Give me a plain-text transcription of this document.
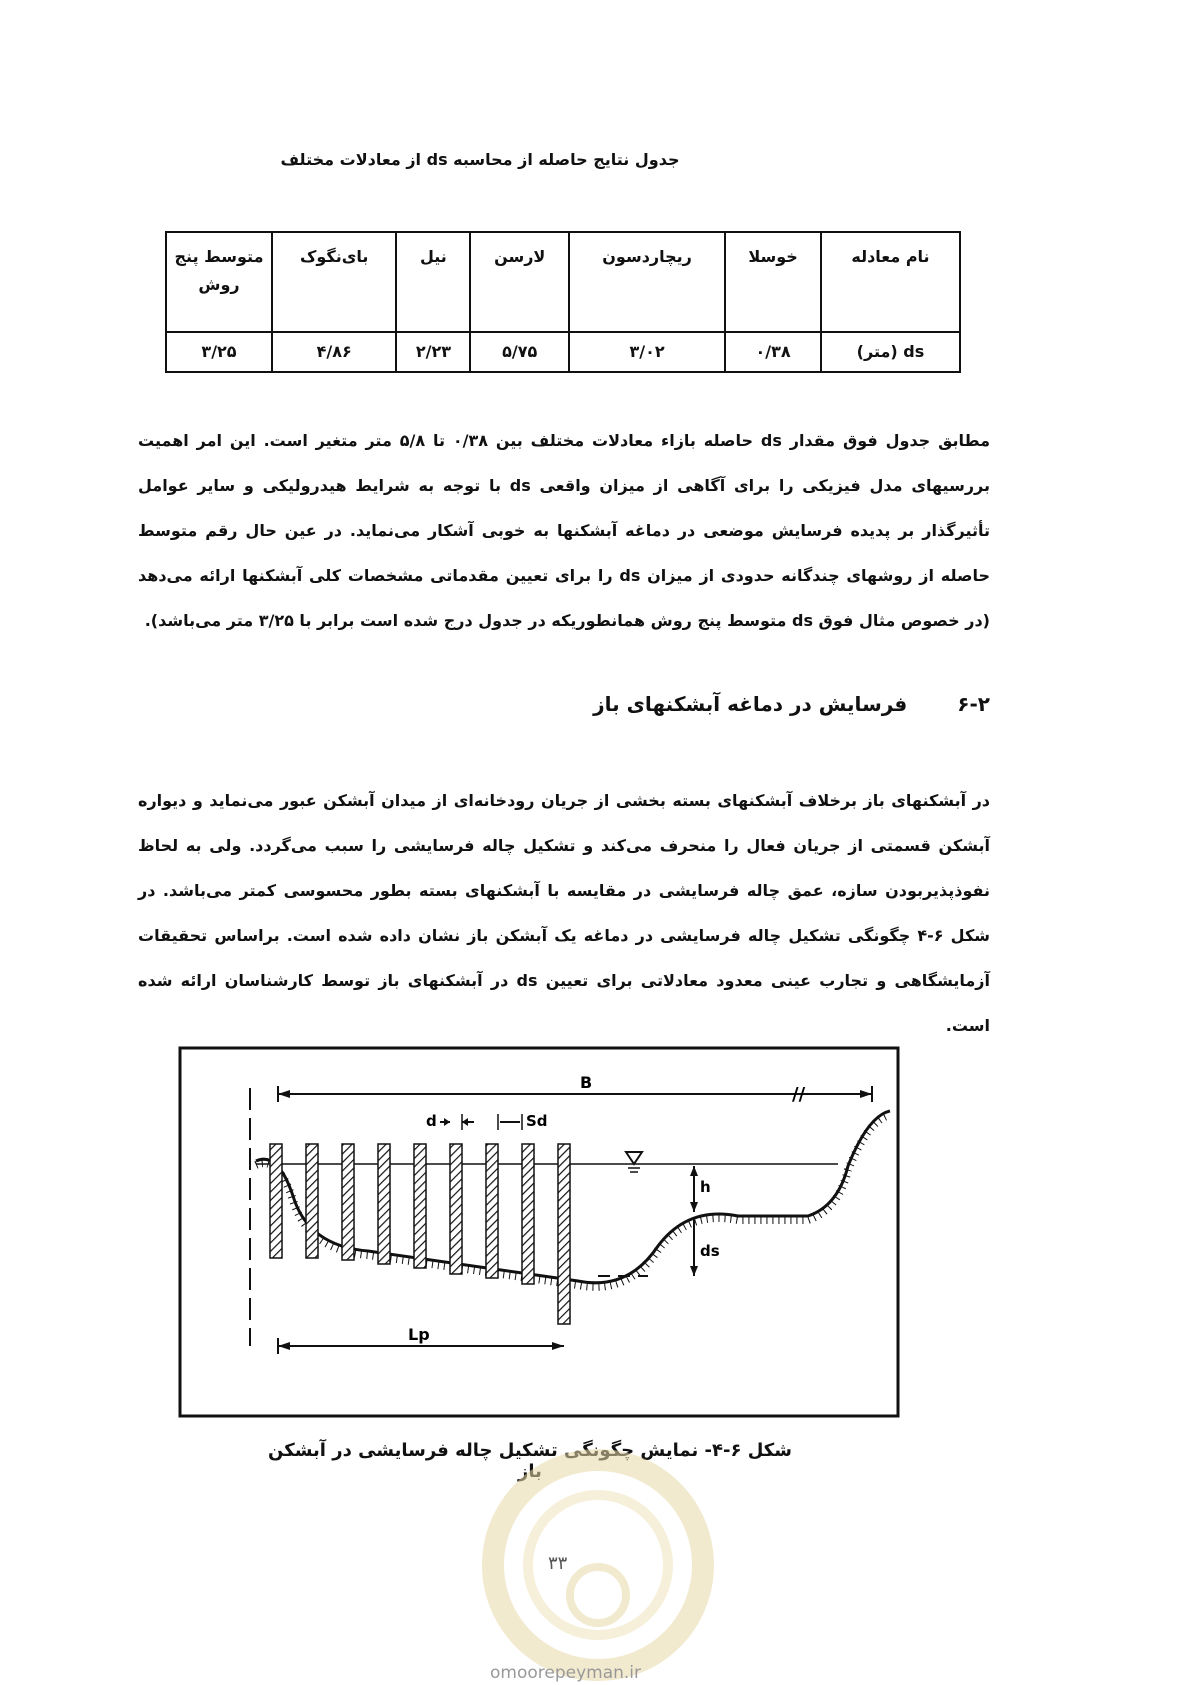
جدول نتایج حاصله از محاسبه ds از معادلات مختلف
نام معادله	خوسلا	ریچاردسون	لارسن	نیل	بای‌نگوک	متوسط پنج روش
ds (متر)	۰/۳۸	۳/۰۲	۵/۷۵	۲/۲۳	۴/۸۶	۳/۲۵
مطابق جدول فوق مقدار ds حاصله بازاء معادلات مختلف بین ۰/۳۸ تا ۵/۸ متر متغیر است. این امر اهمیت بررسیهای مدل فیزیکی را برای آگاهی از میزان واقعی ds با توجه به شرایط هیدرولیکی و سایر عوامل تأثیرگذار بر پدیده فرسایش موضعی در دماغه آبشکنها به خوبی آشکار می‌نماید. در عین حال رقم متوسط حاصله از روشهای چندگانه حدودی از میزان ds را برای تعیین مقدماتی مشخصات کلی آبشکنها ارائه می‌دهد (در خصوص مثال فوق ds متوسط پنج روش همانطوریکه در جدول درج شده است برابر با ۳/۲۵ متر می‌باشد).
۶-۲فرسایش در دماغه آبشکنهای باز
در آبشکنهای باز برخلاف آبشکنهای بسته بخشی از جریان رودخانه‌ای از میدان آبشکن عبور می‌نماید و دیواره آبشکن قسمتی از جریان فعال را منحرف می‌کند و تشکیل چاله فرسایشی را سبب می‌گردد. ولی به لحاظ نفوذپذیربودن سازه، عمق چاله فرسایشی در مقایسه با آبشکنهای بسته بطور محسوسی کمتر می‌باشد. در شکل ۶-۴ چگونگی تشکیل چاله فرسایشی در دماغه یک آبشکن باز نشان داده شده است. براساس تحقیقات آزمایشگاهی و تجارب عینی معدود معادلاتی برای تعیین ds در آبشکنهای باز توسط کارشناسان ارائه شده است.
B
//
d	Sd
h
ds
Lp
شکل ۶-۴- نمایش چگونگی تشکیل چاله فرسایشی در آبشکن باز
۳۳
omoorepeyman.ir
